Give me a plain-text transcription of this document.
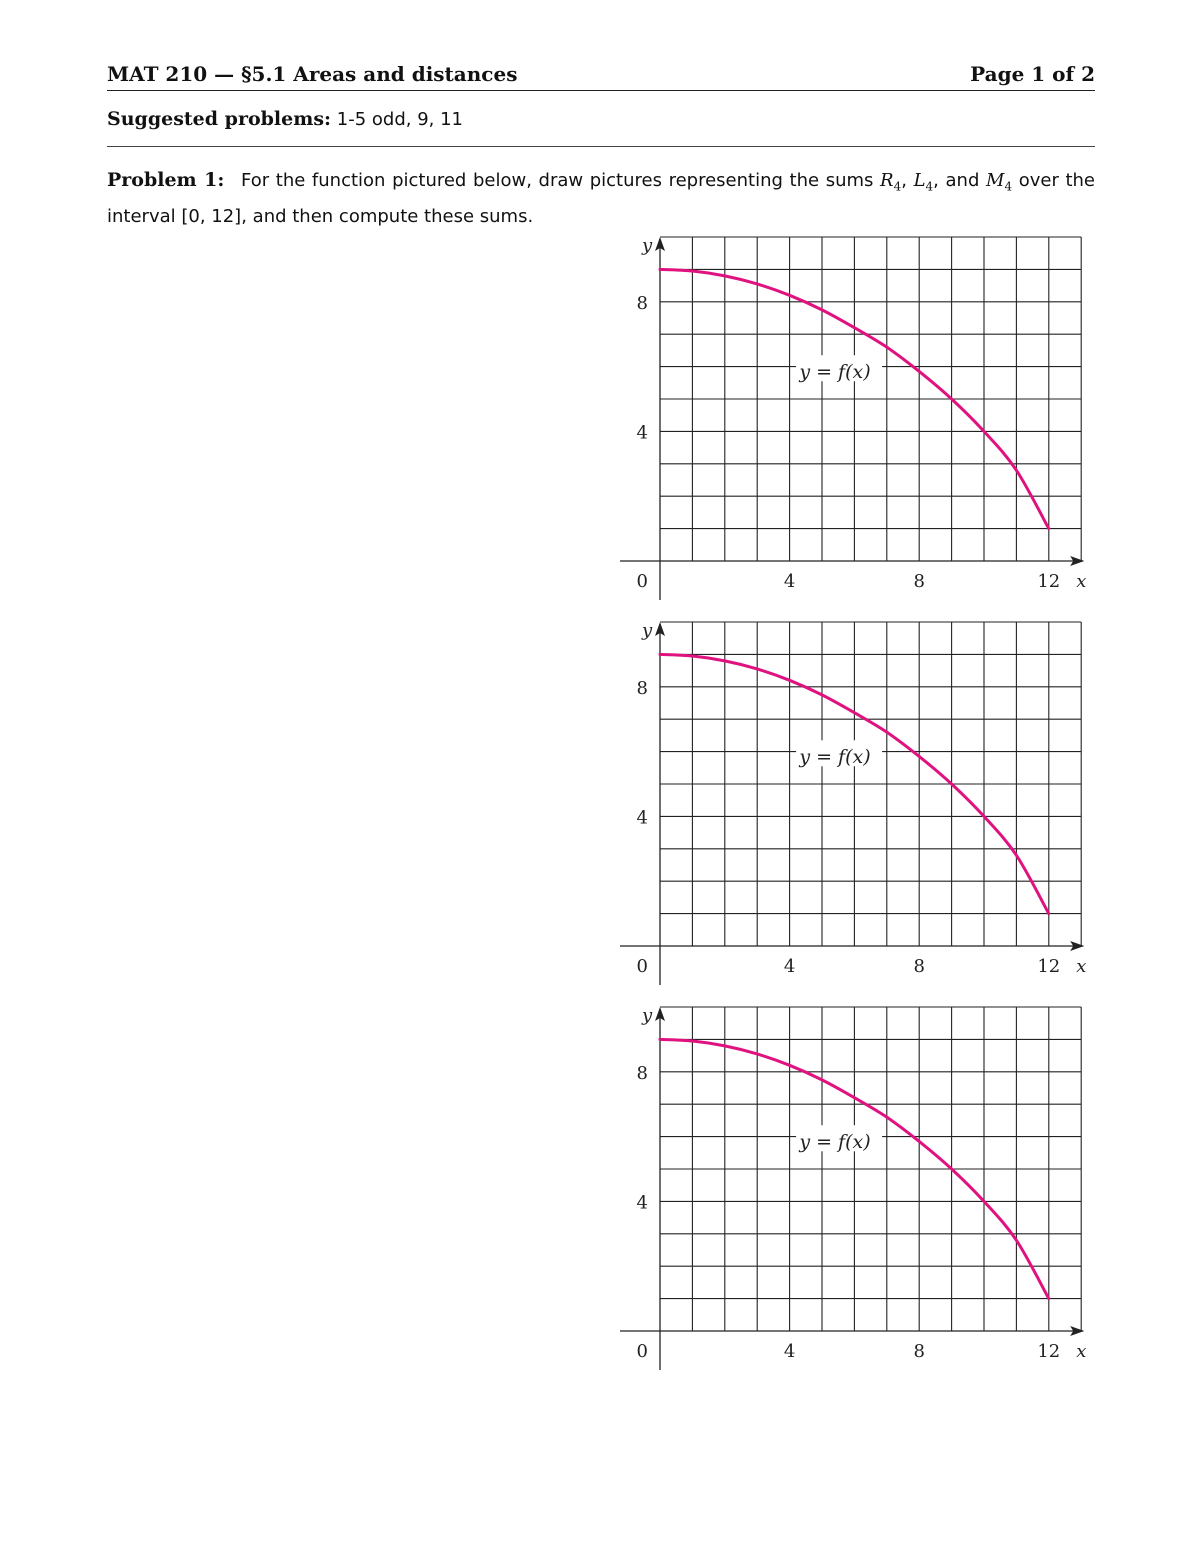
MAT 210 — §5.1 Areas and distances	Page 1 of 2
Suggested problems: 1-5 odd, 9, 11
Problem 1: For the function pictured below, draw pictures representing the sums $R_4$, $L_4$, and $M_4$ over the interval [0, 12], and then compute these sums.
4	8	12
4
8
0	x
y
y = f(x)
4	8	12
4
8
0	x
y
y = f(x)
4	8	12
4
8
0	x
y
y = f(x)
